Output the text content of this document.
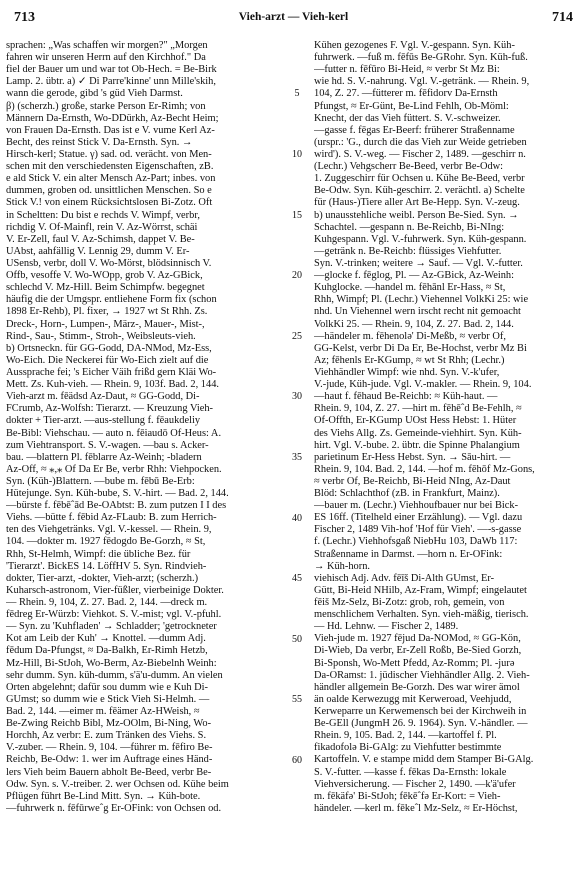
713	Vieh-arzt — Vieh-kerl	714
sprachen: „Was schaffen wir morgen?" „Morgen
fahren wir unseren Herrn auf den Kirchhof." Da
fiel der Bauer um und war tot Ob-Hech. = Be-Birk
Lamp. 2. übtr. a) ✓ Di Parre'kinne' unn Mille'skih,
wann die gerode, gibd 's güd Vieh Darmst.
β) (scherzh.) große, starke Person Er-Rimh; von
Männern Da-Ernsth, Wo-DDürkh, Az-Becht Heim;
von Frauen Da-Ernsth. Das ist e V. vume Kerl Az-
Becht, des reinst Stick V. Da-Ernsth. Syn. →
Hirsch-kerl; Statue. γ) sad. od. verächt. von Men-
schen mit den verschiedensten Eigenschaften, zB.
e ald Stick V. ein alter Mensch Az-Part; inbes. von
dummen, groben od. unsittlichen Menschen. So e
Stick V.! von einem Rücksichtslosen Bi-Zotz. Oft
in Scheltten: Du bist e rechds V. Wimpf, verbr,
richdig V. Of-Mainfl, rein V. Az-Wörrst, schäi
V. Er-Zell, faul V. Az-Schimsh, dappet V. Be-
UAbst, aahfällig V. Lennig 29, dumm V. Er-
USensb, verbr, doll V. Wo-Mörst, blödsinnisch V.
Offb, vesoffe V. Wo-WOpp, grob V. Az-GBick,
schlechd V. Mz-Hill. Beim Schimpfw. begegnet
häufig die der Umgspr. entliehene Form fix (schon
1898 Er-Rehb), Pl. fixer, → 1927 wt St Rhh. Zs.
Dreck-, Horn-, Lumpen-, März-, Mauer-, Mist-,
Rind-, Sau-, Stimm-, Stroh-, Weibsleuts-vieh.
b) Ortsneckn. für GG-Godd, DA-NMod, Mz-Ess,
Wo-Eich. Die Neckerei für Wo-Eich zielt auf die
Aussprache fei; 's Eicher Väih frißd gern Kläi Wo-
Mett. Zs. Kuh-vieh. — Rhein. 9, 103f. Bad. 2, 144.
Vieh-arzt m. fēädsd Az-Daut, ≈ GG-Godd, Di-
FCrumb, Az-Wolfsh: Tierarzt. — Kreuzung Vieh-
dokter + Tier-arzt. —aus-stellung f. fēaukdeliy
Be-Bibl: Viehschau. — auto n. fēiaudō Of-Heus: A.
zum Viehtransport. S. V.-wagen. —bau s. Acker-
bau. —blattern Pl. fēblarre Az-Weinh; -bladern
Az-Off, ≈ ⁎,⁎ Of Da Er Be, verbr Rhh: Viehpocken.
Syn. (Küh-)Blattern. —bube m. fēbū Be-Erb:
Hütejunge. Syn. Küh-bube, S. V.-hirt. — Bad. 2, 144.
—bürste f. fēbēˆād Be-OAbtst: B. zum putzen I I des
Viehs. —bütte f. fēbid Az-FLaub: B. zum Herrich-
ten des Viehgetränks. Vgl. V.-kessel. — Rhein. 9,
104. —dokter m. 1927 fēdogdo Be-Gorzh, ≈ St,
Rhh, St-Helmh, Wimpf: die übliche Bez. für
'Tierarzt'. BickES 14. LöffHV 5. Syn. Rindvieh-
dokter, Tier-arzt, -dokter, Vieh-arzt; (scherzh.)
Kuharsch-astronom, Vier-füßler, vierbeinige Dokter.
— Rhein. 9, 104, Z. 27. Bad. 2, 144. —dreck m.
fēdreg Er-Würzb: Viehkot. S. V.-mist; vgl. V.-pfuhl.
— Syn. zu 'Kuhfladen' → Schladder; 'getrockneter
Kot am Leib der Kuh' → Knottel. —dumm Adj.
fēdum Da-Pfungst, ≈ Da-Balkh, Er-Rimh Hetzb,
Mz-Hill, Bi-StJoh, Wo-Berm, Az-Biebelnh Weinh:
sehr dumm. Syn. küh-dumm, s'ä'u-dumm. An vielen
Orten abgelehnt; dafür sou dumm wie e Kuh Di-
GUmst; so dumm wie e Stick Vieh Si-Helmh. —
Bad. 2, 144. —eimer m. fēämer Az-HWeish, ≈
Be-Zwing Reichb Bibl, Mz-OOlm, Bi-Ning, Wo-
Horchh, Az verbr: E. zum Tränken des Viehs. S.
V.-zuber. — Rhein. 9, 104. —führer m. fēfiro Be-
Reichb, Be-Odw: 1. wer im Auftrage eines Händ-
lers Vieh beim Bauern abholt Be-Beed, verbr Be-
Odw. Syn. s. V.-treiber. 2. wer Ochsen od. Kühe beim
Pflügen führt Be-Lind Mitt. Syn. → Küh-bote.
—fuhrwerk n. fēfūrweˆg Er-OFink: von Ochsen od.
5
10
15
20
25
30
35
40
45
50
55
60
Kühen gezogenes F. Vgl. V.-gespann. Syn. Küh-
fuhrwerk. —fuß m. fēfūs Be-GRohr. Syn. Küh-fuß.
—futter n. fēfūro Bi-Heid, ≈ verbr St Mz Bi:
wie hd. S. V.-nahrung. Vgl. V.-getränk. — Rhein. 9,
104, Z. 27. —fütterer m. fēfidorv Da-Ernsth
Pfungst, ≈ Er-Günt, Be-Lind Fehlh, Ob-Möml:
Knecht, der das Vieh füttert. S. V.-schweizer.
—gasse f. fēgas Er-Beerf: früherer Straßenname
(urspr.: 'G., durch die das Vieh zur Weide getrieben
wird'). S. V.-weg. — Fischer 2, 1489. —geschirr n.
(Lechr.) Vehgscherr Be-Beed, verbr Be-Odw:
1. Zuggeschirr für Ochsen u. Kühe Be-Beed, verbr
Be-Odw. Syn. Küh-geschirr. 2. verächtl. a) Schelte
für (Haus-)Tiere aller Art Be-Hepp. Syn. V.-zeug.
b) unausstehliche weibl. Person Be-Sied. Syn. →
Schachtel. —gespann n. Be-Reichb, Bi-NIng:
Kuhgespann. Vgl. V.-fuhrwerk. Syn. Küh-gespann.
—getränk n. Be-Reichb: flüssiges Viehfutter.
Syn. V.-trinken; weitere → Sauf. — Vgl. V.-futter.
—glocke f. fēglog, Pl. — Az-GBick, Az-Weinh:
Kuhglocke. —handel m. fēhānl Er-Hass, ≈ St,
Rhh, Wimpf; Pl. (Lechr.) Viehennel VolkKi 25: wie
nhd. Un Viehennel wern irscht recht nit gemoacht
VolkKi 25. — Rhein. 9, 104, Z. 27. Bad. 2, 144.
—händeler m. fēhenolə' Di-Meßb, ≈ verbr Of,
GG-Kelst, verbr Di Da Er, Be-Hochst, verbr Mz Bi
Az; fēhenls Er-KGump, ≈ wt St Rhh; (Lechr.)
Viehhändler Wimpf: wie nhd. Syn. V.-k'ufer,
V.-jude, Küh-jude. Vgl. V.-makler. — Rhein. 9, 104.
—haut f. fēhaud Be-Reichb: ≈ Küh-haut. —
Rhein. 9, 104, Z. 27. —hirt m. fēhēˆd Be-Fehlh, ≈
Of-Offth, Er-KGump UOst Hess Hebst: 1. Hüter
des Viehs Allg. Zs. Gemeinde-viehhirt. Syn. Küh-
hirt. Vgl. V.-bube. 2. übtr. die Spinne Phalangium
parietinum Er-Hess Hebst. Syn. → Sāu-hirt. —
Rhein. 9, 104. Bad. 2, 144. —hof m. fēhōf Mz-Gons,
≈ verbr Of, Be-Reichb, Bi-Heid NIng, Az-Daut
Blöd: Schlachthof (zB. in Frankfurt, Mainz).
—bauer m. (Lechr.) Viehhoufbauer nur bei Bick-
ES 16ff. (Titelheld einer Erzählung). — Vgl. dazu
Fischer 2, 1489 Vih-hof 'Hof für Vieh'. —-s-gasse
f. (Lechr.) Viehhofsgaß NiebHu 103, DaWb 117:
Straßenname in Darmst. —horn n. Er-OFink:
→ Küh-horn.
viehisch Adj. Adv. fēīš Di-Alth GUmst, Er-
Gütt, Bi-Heid NHilb, Az-Fram, Wimpf; eingelautet
fēiš Mz-Selz, Bi-Zotz: grob, roh, gemein, von
menschlichem Verhalten. Syn. vieh-mäßig, tierisch.
— Hd. Lehnw. — Fischer 2, 1489.
Vieh-jude m. 1927 fējud Da-NOMod, ≈ GG-Kön,
Di-Wieb, Da verbr, Er-Zell Roßb, Be-Sied Gorzh,
Bi-Sponsh, Wo-Mett Pfedd, Az-Romm; Pl. -jurə
Da-ORamst: 1. jüdischer Viehhändler Allg. 2. Vieh-
händler allgemein Be-Gorzh. Des war wirer ämol
än oalde Kerwezugg mit Kerweroad, Veehjudd,
Kerweparre un Kerwemensch bei der Kirchweih in
Be-GEll (JungmH 26. 9. 1964). Syn. V.-händler. —
Rhein. 9, 105. Bad. 2, 144. —kartoffel f. Pl.
fikadofolə Bi-GAlg: zu Viehfutter bestimmte
Kartoffeln. V. e stampe midd dem Stamper Bi-GAlg.
S. V.-futter. —kasse f. fēkas Da-Ernsth: lokale
Viehversicherung. — Fischer 2, 1490. —k'ä'ufer
m. fēkäfə' Bi-StJoh; fēkēˆfə Er-Kort: = Vieh-
händeler. —kerl m. fēkeˆl Mz-Selz, ≈ Er-Höchst,
